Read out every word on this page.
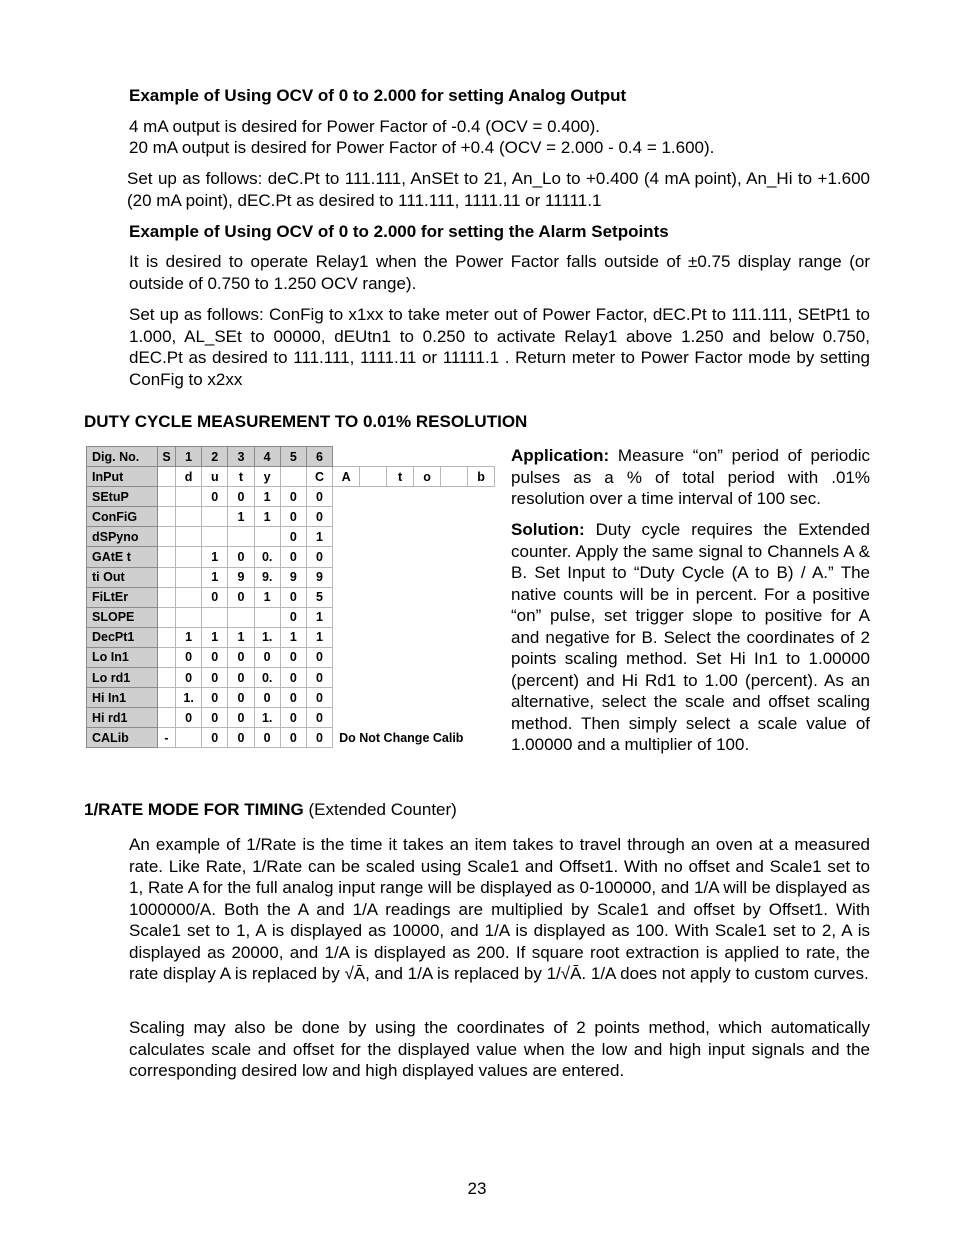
Example of Using OCV of 0 to 2.000 for setting Analog Output
4 mA output is desired for Power Factor of -0.4 (OCV = 0.400).
20 mA output is desired for Power Factor of +0.4 (OCV = 2.000 - 0.4 = 1.600).
Set up as follows: deC.Pt to 111.111, AnSEt to 21, An_Lo to +0.400 (4 mA point), An_Hi to +1.600 (20 mA point), dEC.Pt as desired to 111.111, 1111.11 or 11111.1
Example of Using OCV of 0 to 2.000 for setting the Alarm Setpoints
It is desired to operate Relay1 when the Power Factor falls outside of ±0.75 display range (or outside of 0.750 to 1.250 OCV range).
Set up as follows: ConFig to x1xx to take meter out of Power Factor, dEC.Pt to 111.111, SEtPt1 to 1.000, AL_SEt to 00000, dEUtn1 to 0.250 to activate Relay1 above 1.250 and below 0.750, dEC.Pt as desired to 111.111, 1111.11 or 11111.1 . Return meter to Power Factor mode by setting ConFig to x2xx
DUTY CYCLE MEASUREMENT TO 0.01% RESOLUTION
Dig. No.	S	1	2	3	4	5	6						
InPut		d	u	t	y		C	A		t	o		b
SEtuP			0	0	1	0	0						
ConFiG				1	1	0	0						
dSPyno						0	1						
GAtE t			1	0	0.	0	0						
ti Out			1	9	9.	9	9						
FiLtEr			0	0	1	0	5						
SLOPE						0	1						
DecPt1		1	1	1	1.	1	1						
Lo In1		0	0	0	0	0	0						
Lo rd1		0	0	0	0.	0	0						
Hi In1		1.	0	0	0	0	0						
Hi rd1		0	0	0	1.	0	0						
CALib	-		0	0	0	0	0	Do Not Change Calib					
Application: Measure “on” period of periodic pulses as a % of total period with .01% resolution over a time interval of 100 sec.
Solution: Duty cycle requires the Extended counter. Apply the same signal to Channels A & B. Set Input to “Duty Cycle (A to B) / A.” The native counts will be in percent. For a positive “on” pulse, set trigger slope to positive for A and negative for B. Select the coordinates of 2 points scaling method. Set Hi In1 to 1.00000 (percent) and Hi Rd1 to 1.00 (percent). As an alternative, select the scale and offset scaling method. Then simply select a scale value of 1.00000 and a multiplier of 100.
1/RATE MODE FOR TIMING (Extended Counter)
An example of 1/Rate is the time it takes an item takes to travel through an oven at a measured rate. Like Rate, 1/Rate can be scaled using Scale1 and Offset1. With no offset and Scale1 set to 1, Rate A for the full analog input range will be displayed as 0-100000, and 1/A will be displayed as 1000000/A. Both the A and 1/A readings are multiplied by Scale1 and offset by Offset1. With Scale1 set to 1, A is displayed as 10000, and 1/A is displayed as 100. With Scale1 set to 2, A is displayed as 20000, and 1/A is displayed as 200. If square root extraction is applied to rate, the rate display A is replaced by √Ā, and 1/A is replaced by 1/√Ā. 1/A does not apply to custom curves.
Scaling may also be done by using the coordinates of 2 points method, which automatically calculates scale and offset for the displayed value when the low and high input signals and the corresponding desired low and high displayed values are entered.
23
